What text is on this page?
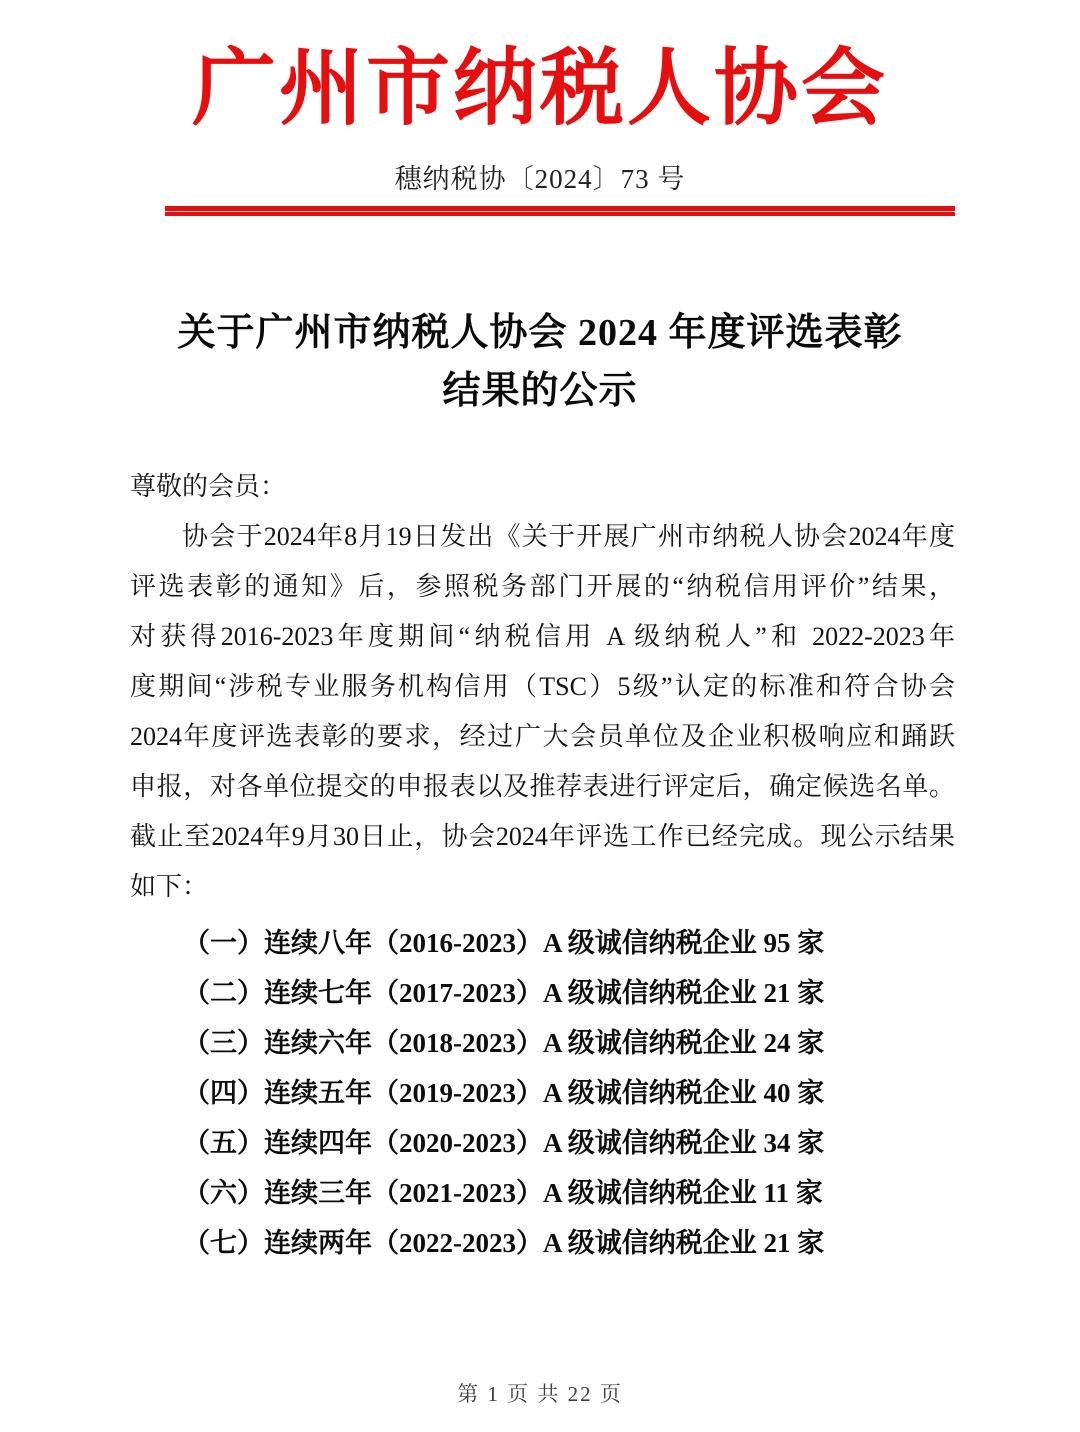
广州市纳税人协会
穗纳税协〔2024〕73 号
关于广州市纳税人协会 2024 年度评选表彰
结果的公示
尊敬的会员：
协会于2024年8月19日发出《关于开展广州市纳税人协会2024年度
评选表彰的通知》后，参照税务部门开展的“纳税信用评价”结果，
对获得2016-2023年度期间“纳税信用 A 级纳税人”和 2022-2023年
度期间“涉税专业服务机构信用（TSC）5级”认定的标准和符合协会
2024年度评选表彰的要求，经过广大会员单位及企业积极响应和踊跃
申报，对各单位提交的申报表以及推荐表进行评定后，确定候选名单。
截止至2024年9月30日止，协会2024年评选工作已经完成。现公示结果
如下：
（一）连续八年（2016-2023）A 级诚信纳税企业 95 家
（二）连续七年（2017-2023）A 级诚信纳税企业 21 家
（三）连续六年（2018-2023）A 级诚信纳税企业 24 家
（四）连续五年（2019-2023）A 级诚信纳税企业 40 家
（五）连续四年（2020-2023）A 级诚信纳税企业 34 家
（六）连续三年（2021-2023）A 级诚信纳税企业 11 家
（七）连续两年（2022-2023）A 级诚信纳税企业 21 家
第 1 页 共 22 页
